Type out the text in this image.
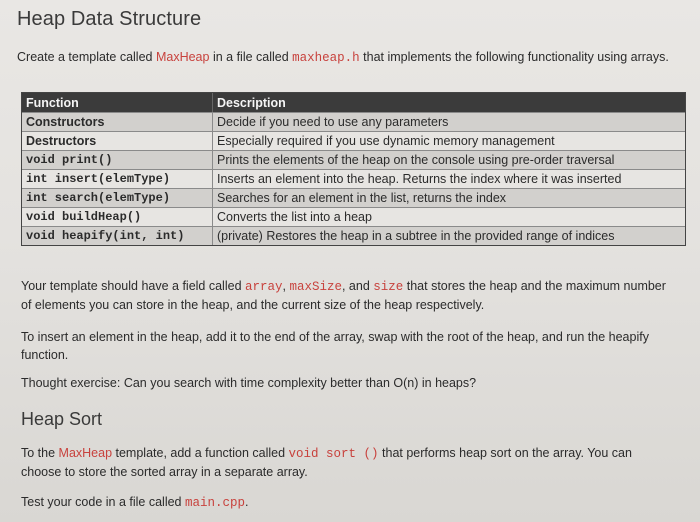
Heap Data Structure
Create a template called MaxHeap in a file called maxheap.h that implements the following functionality using arrays.
Function	Description
Constructors	Decide if you need to use any parameters
Destructors	Especially required if you use dynamic memory management
void print()	Prints the elements of the heap on the console using pre-order traversal
int insert(elemType)	Inserts an element into the heap. Returns the index where it was inserted
int search(elemType)	Searches for an element in the list, returns the index
void buildHeap()	Converts the list into a heap
void heapify(int, int)	(private) Restores the heap in a subtree in the provided range of indices
Your template should have a field called array, maxSize, and size that stores the heap and the maximum number of elements you can store in the heap, and the current size of the heap respectively.
To insert an element in the heap, add it to the end of the array, swap with the root of the heap, and run the heapify function.
Thought exercise: Can you search with time complexity better than O(n) in heaps?
Heap Sort
To the MaxHeap template, add a function called void sort () that performs heap sort on the array. You can choose to store the sorted array in a separate array.
Test your code in a file called main.cpp.
